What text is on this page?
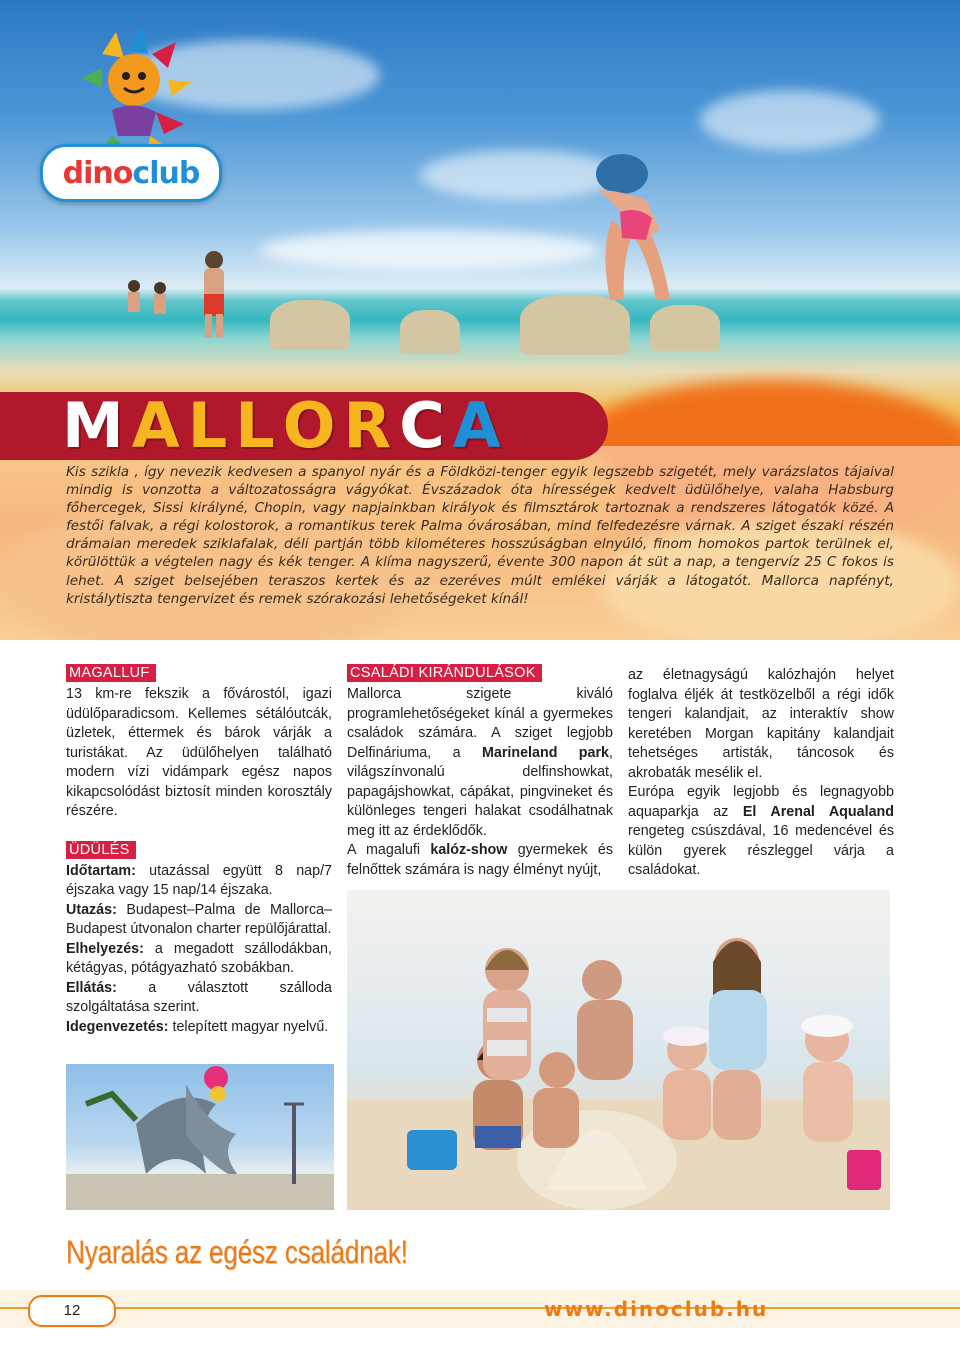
dino club
M A L L O R C A

Kis szikla , így nevezik kedvesen a spanyol nyár és a Földközi-tenger egyik legszebb szigetét, mely varázslatos tájaival mindig is vonzotta a változatosságra vágyókat. Évszázadok óta hírességek kedvelt üdülőhelye, valaha Habsburg főhercegek, Sissi királyné, Chopin, vagy napjainkban királyok és filmsztárok tartoznak a rendszeres látogatók közé. A festői falvak, a régi kolostorok, a romantikus terek Palma óvárosában, mind felfedezésre várnak. A sziget északi részén drámaian meredek sziklafalak, déli partján több kilométeres hosszúságban elnyúló, finom homokos partok terülnek el, körülöttük a végtelen nagy és kék tenger. A klíma nagyszerű, évente 300 napon át süt a nap, a tengervíz 25 C fokos is lehet. A sziget belsejében teraszos kertek és az ezeréves múlt emlékei várják a látogatót. Mallorca napfényt, kristálytiszta tengervizet és remek szórakozási lehetőségeket kínál!

MAGALLUF

13 km-re fekszik a fővárostól, igazi üdülőparadicsom. Kellemes sétálóutcák, üzletek, éttermek és bárok várják a turistákat. Az üdülőhelyen található modern vízi vidámpark egész napos kikapcsolódást biztosít minden korosztály részére.

ÜDÜLÉS

Időtartam: utazással együtt 8 nap/7 éjszaka vagy 15 nap/14 éjszaka.

Utazás: Budapest–Palma de Mallorca–Budapest útvonalon charter repülőjárattal.

Elhelyezés: a megadott szállodákban, kétágyas, pótágyazható szobákban.

Ellátás: a választott szálloda szolgáltatása szerint.

Idegenvezetés: telepített magyar nyelvű.

CSALÁDI KIRÁNDULÁSOK

Mallorca szigete kiváló programlehetőségeket kínál a gyermekes családok számára. A sziget legjobb Delfináriuma, a Marineland park, világszínvonalú delfinshowkat, papagájshowkat, cápákat, pingvineket és különleges tengeri halakat csodálhatnak meg itt az érdeklődők.

A magalufi kalóz-show gyermekek és felnőttek számára is nagy élményt nyújt,

az életnagyságú kalózhajón helyet foglalva éljék át testközelből a régi idők tengeri kalandjait, az interaktív show keretében Morgan kapitány kalandjait tehetséges artisták, táncosok és akrobaták mesélik el.

Európa egyik legjobb és legnagyobb aquaparkja az El Arenal Aqualand rengeteg csúszdával, 16 medencével és külön gyerek részleggel várja a családokat.

Nyaralás az egész családnak!
12	www.dinoclub.hu
